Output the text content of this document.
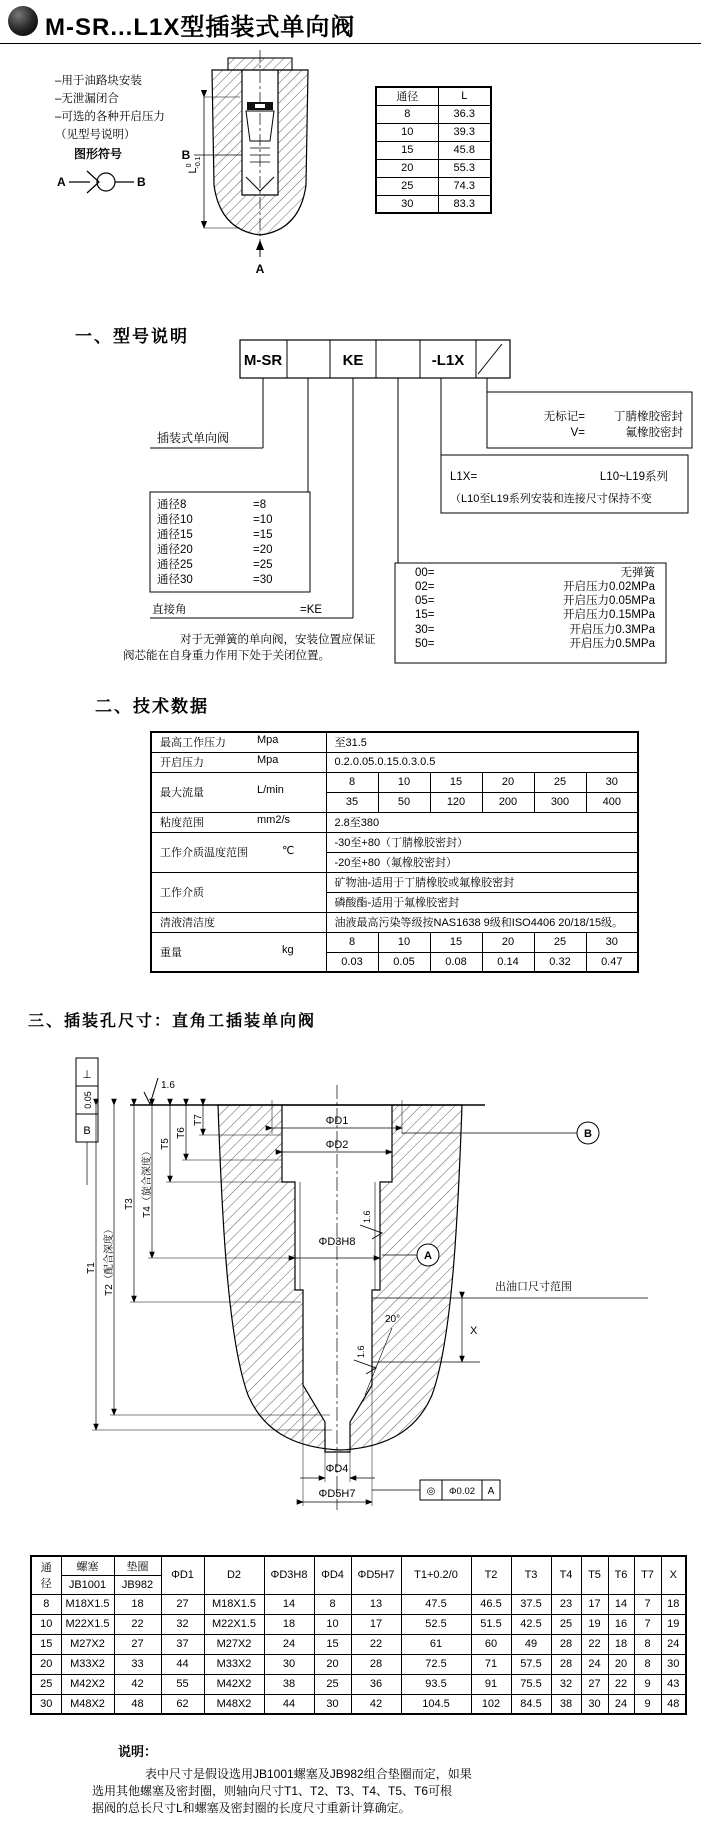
M-SR...L1X型插装式单向阀
–用于油路块安装
–无泄漏闭合
–可选的各种开启压力
（见型号说明）
图形符号	B
$L^0$ -0.1
A
A	B
通径	L
8	36.3
10	39.3
15	45.8
20	55.3
25	74.3
30	83.3
一、型号说明
M-SR	KE	-L1X
插装式单向阀
通径8	=8
通径10	=10
通径15	=15
通径20	=20
通径25	=25
通径30	=30
直接角	=KE
对于无弹簧的单向阀，安装位置应保证
阀芯能在自身重力作用下处于关闭位置。
无标记=	丁腈橡胶密封
V=	氟橡胶密封
L1X=	L10~L19系列
（L10至L19系列安装和连接尺寸保持不变
00=	无弹簧
02=	开启压力0.02MPa
05=	开启压力0.05MPa
15=	开启压力0.15MPa
30=	开启压力0.3MPa
50=	开启压力0.5MPa
二、技术数据
最高工作压力 Mpa	至31.5					
开启压力 Mpa	0.2.0.05.0.15.0.3.0.5					
最大流量 L/min	8	10	15	20	25	30
	35	50	120	200	300	400
粘度范围 mm2/s	2.8至380					
工作介质温度范围 ℃	-30至+80（丁腈橡胶密封）					
	-20至+80（氟橡胶密封）					
工作介质	矿物油-适用于丁腈橡胶或氟橡胶密封					
	磷酸酯-适用于氟橡胶密封					
清液清洁度	油液最高污染等级按NAS1638 9级和ISO4406 20/18/15级。					
重量 kg	8	10	15	20	25	30
	0.03	0.05	0.08	0.14	0.32	0.47
三、插装孔尺寸：直角工插装单向阀
⊥
0.05
B
1.6
ΦD1
ΦD2
B
ΦD3H8
A
1.6
1.6
T7
T6
T5
T4（旋合深度）
T3
T2（配合深度）
T1
出油口尺寸范围
X
20°
ΦD4
ΦD5H7	◎ Φ0.02 A
通
径	螺塞	垫圈	ΦD1	D2	ΦD3H8	ΦD4	ΦD5H7	T1+0.2/0	T2	T3	T4	T5	T6	T7	X
	JB1001	JB982													
8	M18X1.5	18	27	M18X1.5	14	8	13	47.5	46.5	37.5	23	17	14	7	18
10	M22X1.5	22	32	M22X1.5	18	10	17	52.5	51.5	42.5	25	19	16	7	19
15	M27X2	27	37	M27X2	24	15	22	61	60	49	28	22	18	8	24
20	M33X2	33	44	M33X2	30	20	28	72.5	71	57.5	28	24	20	8	30
25	M42X2	42	55	M42X2	38	25	36	93.5	91	75.5	32	27	22	9	43
30	M48X2	48	62	M48X2	44	30	42	104.5	102	84.5	38	30	24	9	48
说明：
表中尺寸是假设选用JB1001螺塞及JB982组合垫圈而定，如果
选用其他螺塞及密封圈，则轴向尺寸T1、T2、T3、T4、T5、T6可根
据阀的总长尺寸L和螺塞及密封圈的长度尺寸重新计算确定。
